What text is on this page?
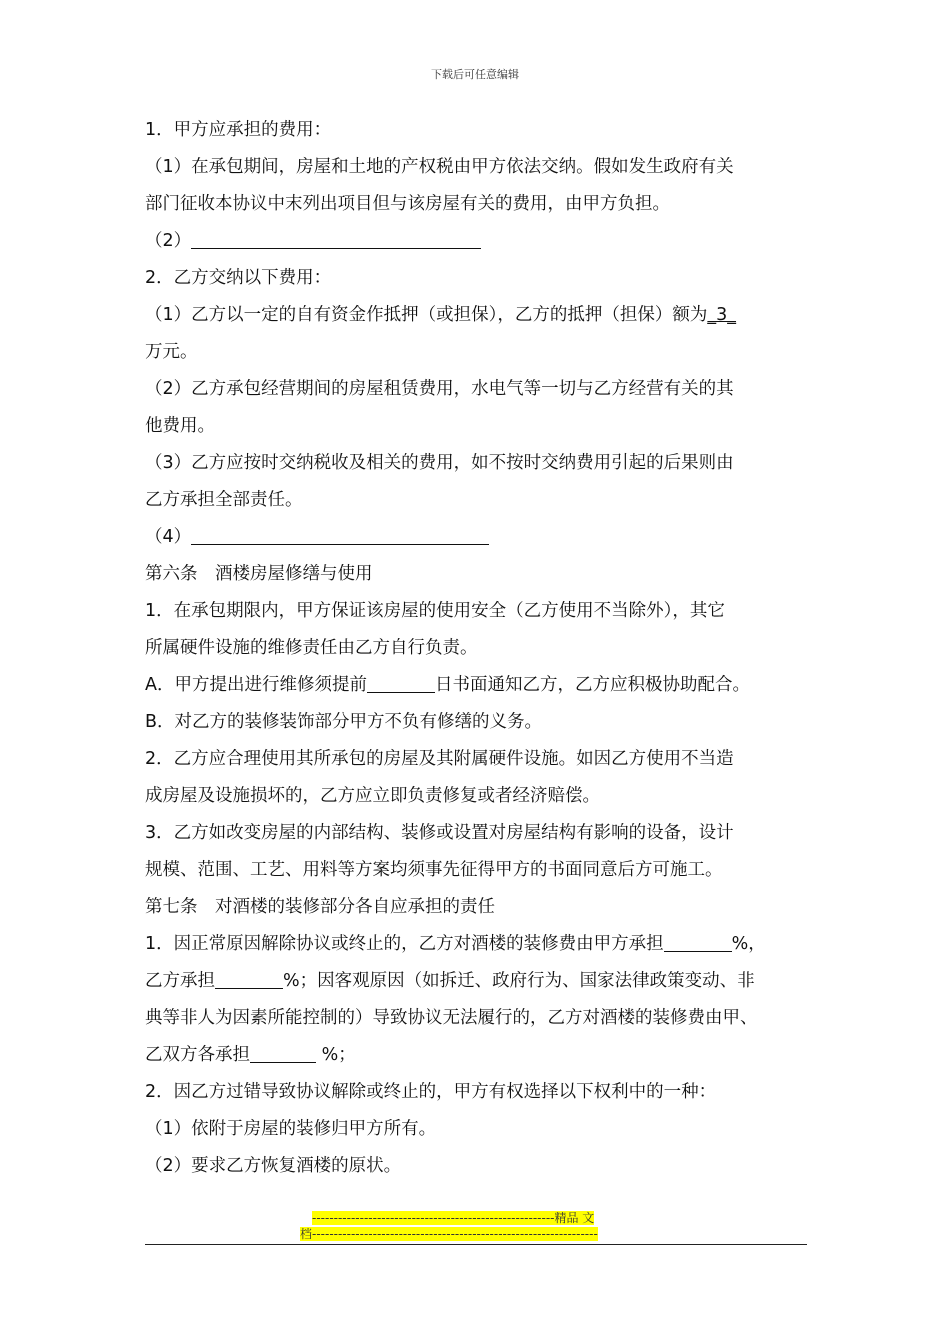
下载后可任意编辑
1．甲方应承担的费用：
（1）在承包期间，房屋和土地的产权税由甲方依法交纳。假如发生政府有关
部门征收本协议中末列出项目但与该房屋有关的费用，由甲方负担。
（2）
2．乙方交纳以下费用：
（1）乙方以一定的自有资金作抵押（或担保），乙方的抵押（担保）额为_3_
万元。
（2）乙方承包经营期间的房屋租赁费用，水电气等一切与乙方经营有关的其
他费用。
（3）乙方应按时交纳税收及相关的费用，如不按时交纳费用引起的后果则由
乙方承担全部责任。
（4）
第六条　酒楼房屋修缮与使用
1．在承包期限内，甲方保证该房屋的使用安全（乙方使用不当除外），其它
所属硬件设施的维修责任由乙方自行负责。
A．甲方提出进行维修须提前	日书面通知乙方，乙方应积极协助配合。
B．对乙方的装修装饰部分甲方不负有修缮的义务。
2．乙方应合理使用其所承包的房屋及其附属硬件设施。如因乙方使用不当造
成房屋及设施损坏的，乙方应立即负责修复或者经济赔偿。
3．乙方如改变房屋的内部结构、装修或设置对房屋结构有影响的设备，设计
规模、范围、工艺、用料等方案均须事先征得甲方的书面同意后方可施工。
第七条　对酒楼的装修部分各自应承担的责任
1．因正常原因解除协议或终止的，乙方对酒楼的装修费由甲方承担	%，
乙方承担	%；因客观原因（如拆迁、政府行为、国家法律政策变动、非
典等非人为因素所能控制的）导致协议无法履行的，乙方对酒楼的装修费由甲、
乙双方各承担	%；
2．因乙方过错导致协议解除或终止的，甲方有权选择以下权利中的一种：
（1）依附于房屋的装修归甲方所有。
（2）要求乙方恢复酒楼的原状。
--------------------------------------------------------精品 文
档------------------------------------------------------------------
